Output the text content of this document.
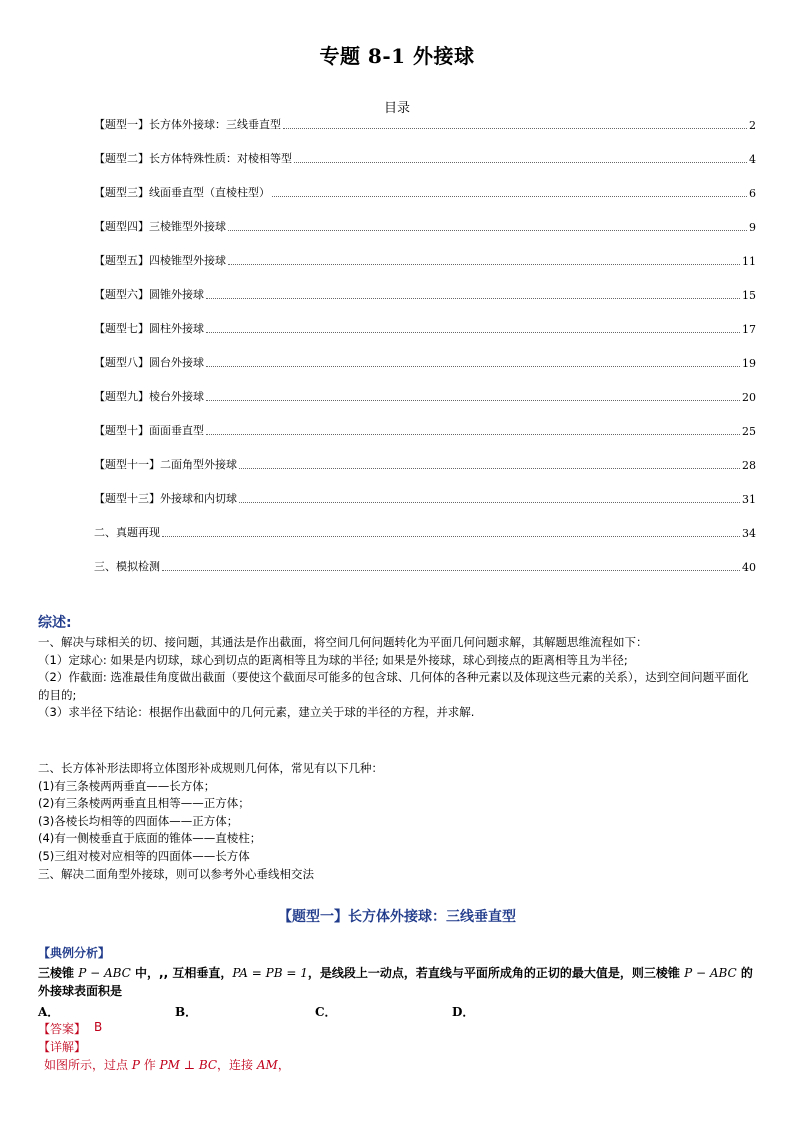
专题 8-1 外接球
目录
【题型一】长方体外接球：三线垂直型	2
【题型二】长方体特殊性质：对棱相等型	4
【题型三】线面垂直型（直棱柱型）	6
【题型四】三棱锥型外接球	9
【题型五】四棱锥型外接球	11
【题型六】圆锥外接球	15
【题型七】圆柱外接球	17
【题型八】圆台外接球	19
【题型九】棱台外接球	20
【题型十】面面垂直型	25
【题型十一】二面角型外接球	28
【题型十三】外接球和内切球	31
二、真题再现	34
三、模拟检测	40
综述:

一、解决与球相关的切、接问题，其通法是作出截面，将空间几何问题转化为平面几何问题求解，其解题思维流程如下：
（1）定球心: 如果是内切球，球心到切点的距离相等且为球的半径; 如果是外接球，球心到接点的距离相等且为半径;
（2）作截面: 选准最佳角度做出截面（要使这个截面尽可能多的包含球、几何体的各种元素以及体现这些元素的关系），达到空间问题平面化的目的;
（3）求半径下结论：根据作出截面中的几何元素，建立关于球的半径的方程，并求解.

二、长方体补形法即将立体图形补成规则几何体，常见有以下几种：
(1)有三条棱两两垂直——长方体；
(2)有三条棱两两垂直且相等——正方体；
(3)各棱长均相等的四面体——正方体；
(4)有一侧棱垂直于底面的锥体——直棱柱；
(5)三组对棱对应相等的四面体——长方体
三、解决二面角型外接球，则可以参考外心垂线相交法

【题型一】长方体外接球：三线垂直型
【典例分析】
三棱锥 P − ABC 中，,, 互相垂直，PA = PB = 1，是线段上一动点，若直线与平面所成角的正切的最大值是，则三棱锥 P − ABC 的外接球表面积是
A．	B．	C．	D．
【答案】 B
【详解】
如图所示，过点 P 作 PM ⊥ BC，连接 AM，
